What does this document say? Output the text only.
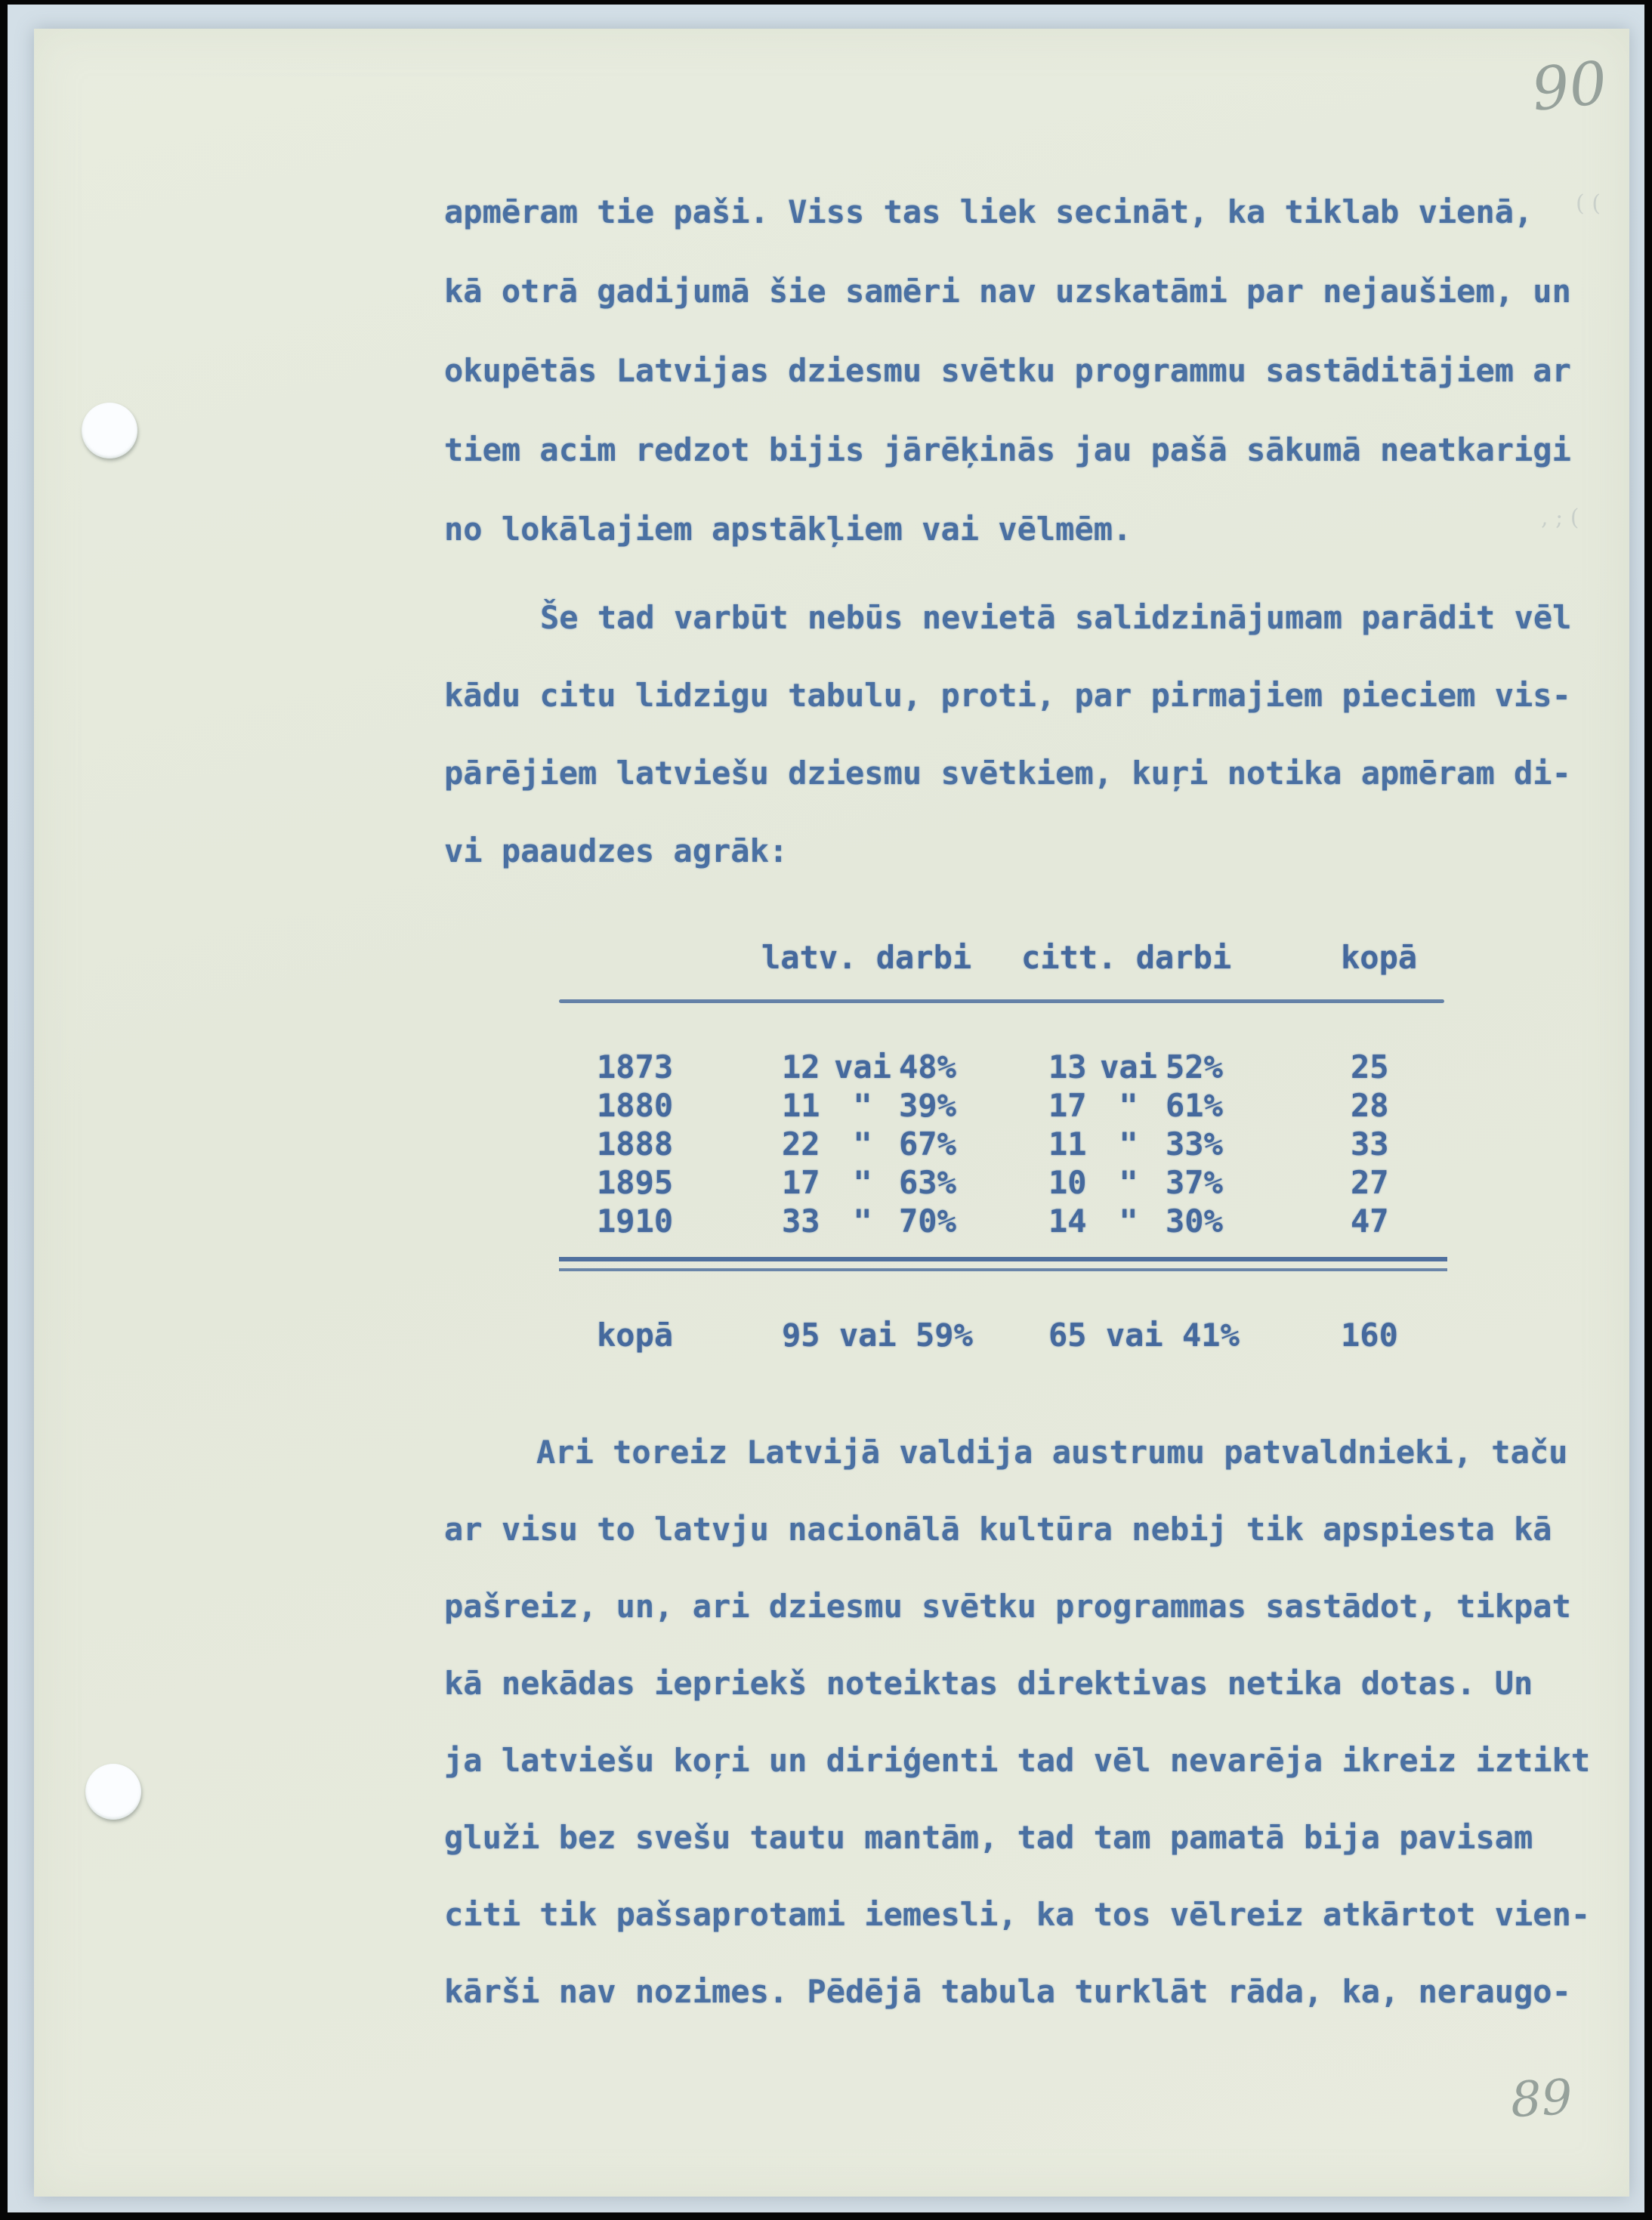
90
89
apmēram tie paši. Viss tas liek secināt, ka tiklab vienā,
kā otrā gadijumā šie samēri nav uzskatāmi par nejaušiem, un
okupētās Latvijas dziesmu svētku programmu sastāditājiem ar
tiem acim redzot bijis jārēķinās jau pašā sākumā neatkarigi
no lokālajiem apstākļiem vai vēlmēm.
Še tad varbūt nebūs nevietā salidzinājumam parādit vēl
kādu citu lidzigu tabulu, proti, par pirmajiem pieciem vis-
pārējiem latviešu dziesmu svētkiem, kuŗi notika apmēram di-
vi paaudzes agrāk:
latv. darbi citt. darbi	kopā
1873	12 vai 48%	13 vai 52%	25
1880	11	" 39%	17	" 61%	28
1888	22	" 67%	11	" 33%	33
1895	17	" 63%	10	" 37%	27
1910	33	" 70%	14	" 30%	47
kopā	95 vai 59% 65 vai 41%	160
Ari toreiz Latvijā valdija austrumu patvaldnieki, taču
ar visu to latvju nacionālā kultūra nebij tik apspiesta kā
pašreiz, un, ari dziesmu svētku programmas sastādot, tikpat
kā nekādas iepriekš noteiktas direktivas netika dotas. Un
ja latviešu koŗi un diriģenti tad vēl nevarēja ikreiz iztikt
gluži bez svešu tautu mantām, tad tam pamatā bija pavisam
citi tik pašsaprotami iemesli, ka tos vēlreiz atkārtot vien-
kārši nav nozimes. Pēdējā tabula turklāt rāda, ka, neraugo-
( (
, ; (
